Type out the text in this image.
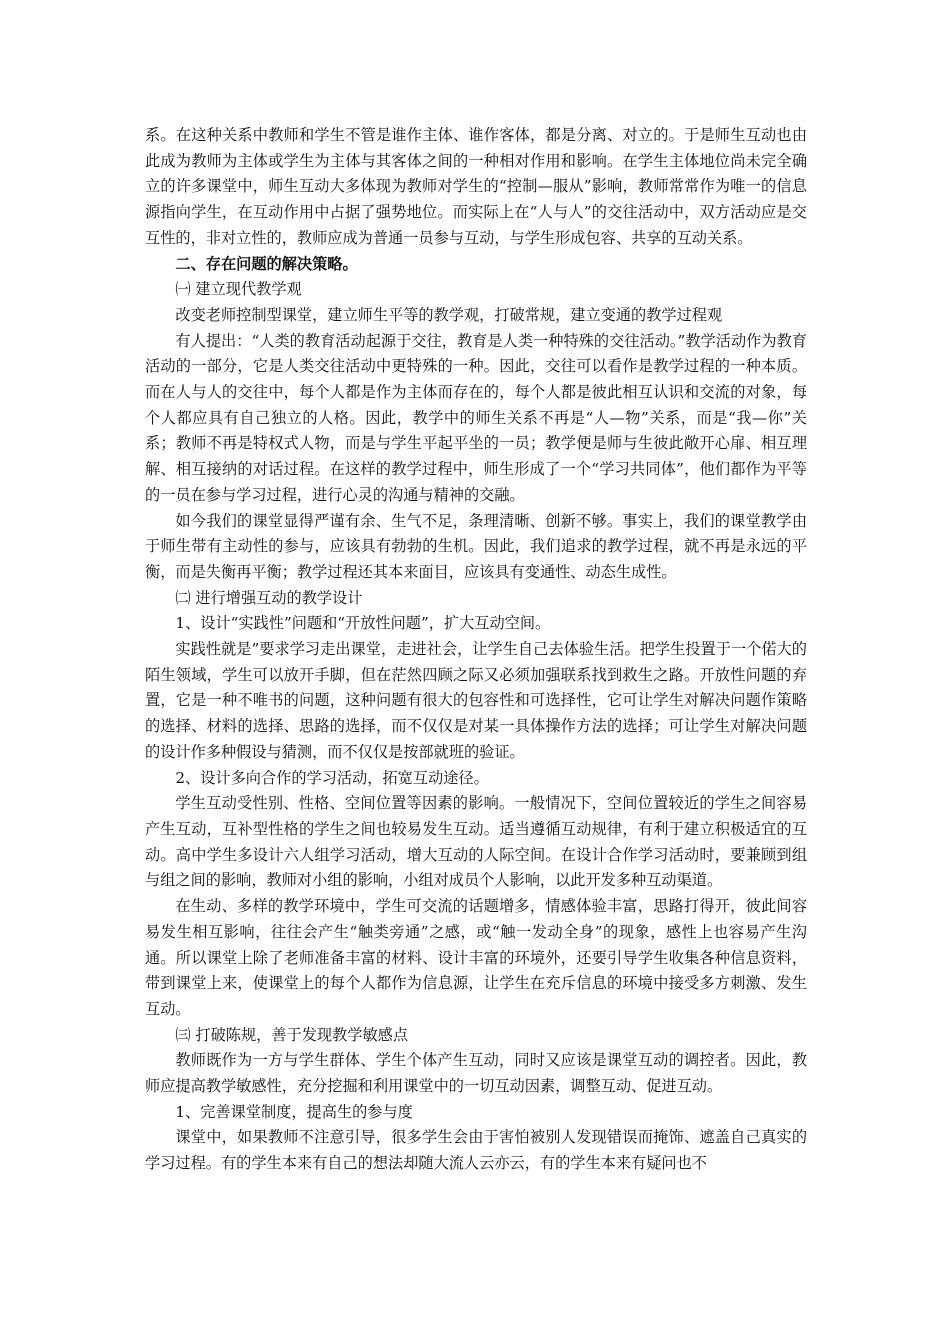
系。在这种关系中教师和学生不管是谁作主体、谁作客体，都是分离、对立的。于是师生互动也由此成为教师为主体或学生为主体与其客体之间的一种相对作用和影响。在学生主体地位尚未完全确立的许多课堂中，师生互动大多体现为教师对学生的“控制—服从”影响，教师常常作为唯一的信息源指向学生，在互动作用中占据了强势地位。而实际上在“人与人”的交往活动中，双方活动应是交互性的，非对立性的，教师应成为普通一员参与互动，与学生形成包容、共享的互动关系。

二、存在问题的解决策略。

㈠ 建立现代教学观

改变老师控制型课堂，建立师生平等的教学观，打破常规，建立变通的教学过程观

有人提出：“人类的教育活动起源于交往，教育是人类一种特殊的交往活动。”教学活动作为教育活动的一部分，它是人类交往活动中更特殊的一种。因此，交往可以看作是教学过程的一种本质。而在人与人的交往中，每个人都是作为主体而存在的，每个人都是彼此相互认识和交流的对象，每个人都应具有自己独立的人格。因此，教学中的师生关系不再是“人—物”关系，而是“我—你”关系；教师不再是特权式人物，而是与学生平起平坐的一员；教学便是师与生彼此敞开心扉、相互理解、相互接纳的对话过程。在这样的教学过程中，师生形成了一个“学习共同体”，他们都作为平等的一员在参与学习过程，进行心灵的沟通与精神的交融。

如今我们的课堂显得严谨有余、生气不足，条理清晰、创新不够。事实上，我们的课堂教学由于师生带有主动性的参与，应该具有勃勃的生机。因此，我们追求的教学过程，就不再是永远的平衡，而是失衡再平衡；教学过程还其本来面目，应该具有变通性、动态生成性。

㈡ 进行增强互动的教学设计

1、设计“实践性”问题和“开放性问题”，扩大互动空间。

实践性就是”要求学习走出课堂，走进社会，让学生自己去体验生活。把学生投置于一个偌大的陌生领域，学生可以放开手脚，但在茫然四顾之际又必须加强联系找到救生之路。开放性问题的弃置，它是一种不唯书的问题，这种问题有很大的包容性和可选择性，它可让学生对解决问题作策略的选择、材料的选择、思路的选择，而不仅仅是对某一具体操作方法的选择；可让学生对解决问题的设计作多种假设与猜测，而不仅仅是按部就班的验证。

2、设计多向合作的学习活动，拓宽互动途径。

学生互动受性别、性格、空间位置等因素的影响。一般情况下，空间位置较近的学生之间容易产生互动，互补型性格的学生之间也较易发生互动。适当遵循互动规律，有利于建立积极适宜的互动。高中学生多设计六人组学习活动，增大互动的人际空间。在设计合作学习活动时，要兼顾到组与组之间的影响，教师对小组的影响，小组对成员个人影响，以此开发多种互动渠道。

在生动、多样的教学环境中，学生可交流的话题增多，情感体验丰富，思路打得开，彼此间容易发生相互影响，往往会产生“触类旁通”之感，或“触一发动全身”的现象，感性上也容易产生沟通。所以课堂上除了老师准备丰富的材料、设计丰富的环境外，还要引导学生收集各种信息资料，带到课堂上来，使课堂上的每个人都作为信息源，让学生在充斥信息的环境中接受多方刺激、发生互动。

㈢ 打破陈规，善于发现教学敏感点

教师既作为一方与学生群体、学生个体产生互动，同时又应该是课堂互动的调控者。因此，教师应提高教学敏感性，充分挖掘和利用课堂中的一切互动因素，调整互动、促进互动。

1、完善课堂制度，提高生的参与度

课堂中，如果教师不注意引导，很多学生会由于害怕被别人发现错误而掩饰、遮盖自己真实的学习过程。有的学生本来有自己的想法却随大流人云亦云，有的学生本来有疑问也不
